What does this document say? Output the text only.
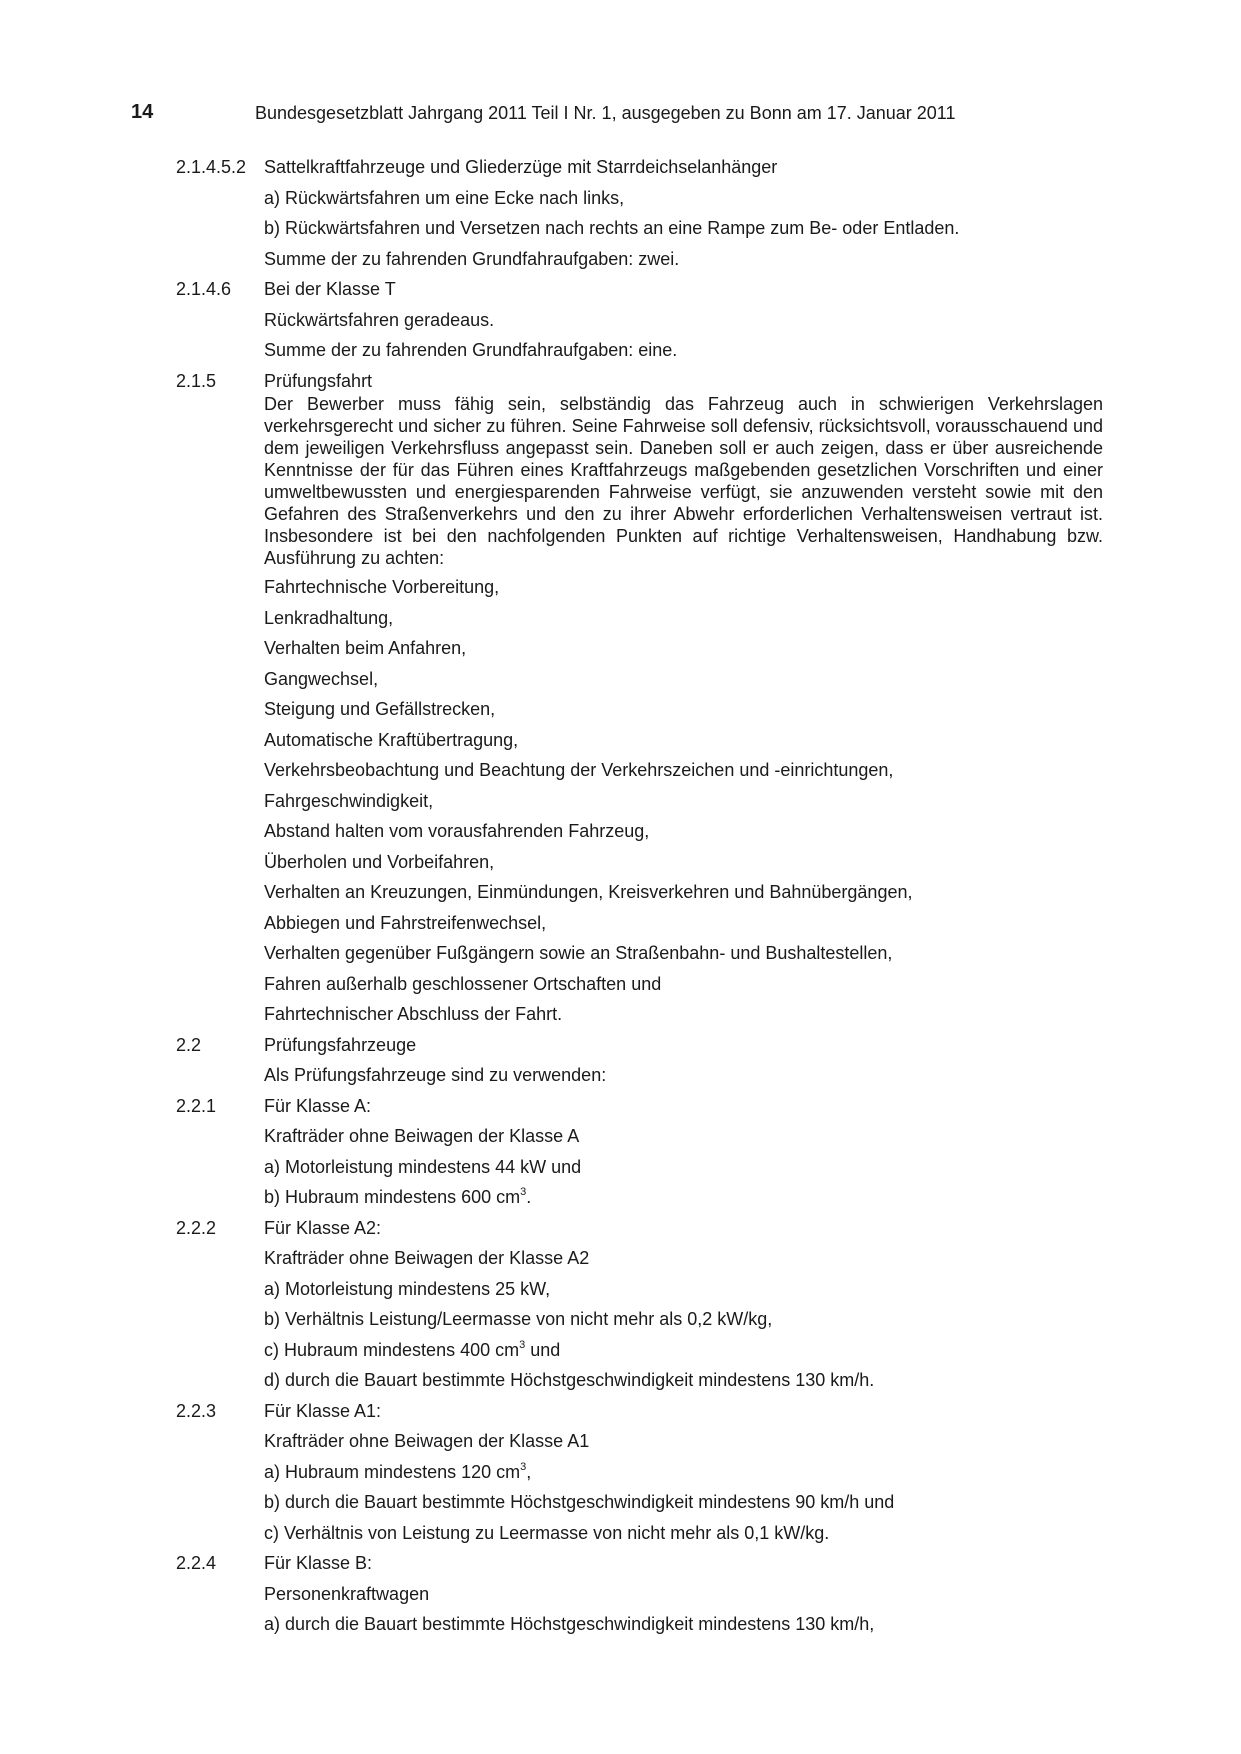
14	Bundesgesetzblatt Jahrgang 2011 Teil I Nr. 1, ausgegeben zu Bonn am 17. Januar 2011
2.1.4.5.2 Sattelkraftfahrzeuge und Gliederzüge mit Starrdeichselanhänger
a) Rückwärtsfahren um eine Ecke nach links,
b) Rückwärtsfahren und Versetzen nach rechts an eine Rampe zum Be- oder Entladen.
Summe der zu fahrenden Grundfahraufgaben: zwei.
2.1.4.6 Bei der Klasse T
Rückwärtsfahren geradeaus.
Summe der zu fahrenden Grundfahraufgaben: eine.
2.1.5	Prüfungsfahrt
Der Bewerber muss fähig sein, selbständig das Fahrzeug auch in schwierigen Verkehrslagen verkehrsgerecht und sicher zu führen. Seine Fahrweise soll defensiv, rücksichtsvoll, vorausschauend und dem jeweiligen Verkehrsfluss angepasst sein. Daneben soll er auch zeigen, dass er über ausreichende Kenntnisse der für das Führen eines Kraftfahrzeugs maßgebenden gesetzlichen Vorschriften und einer umweltbewussten und energiesparenden Fahrweise verfügt, sie anzuwenden versteht sowie mit den Gefahren des Straßenverkehrs und den zu ihrer Abwehr erforderlichen Verhaltensweisen vertraut ist. Insbesondere ist bei den nachfolgenden Punkten auf richtige Verhaltensweisen, Handhabung bzw. Ausführung zu achten:
Fahrtechnische Vorbereitung,
Lenkradhaltung,
Verhalten beim Anfahren,
Gangwechsel,
Steigung und Gefällstrecken,
Automatische Kraftübertragung,
Verkehrsbeobachtung und Beachtung der Verkehrszeichen und -einrichtungen,
Fahrgeschwindigkeit,
Abstand halten vom vorausfahrenden Fahrzeug,
Überholen und Vorbeifahren,
Verhalten an Kreuzungen, Einmündungen, Kreisverkehren und Bahnübergängen,
Abbiegen und Fahrstreifenwechsel,
Verhalten gegenüber Fußgängern sowie an Straßenbahn- und Bushaltestellen,
Fahren außerhalb geschlossener Ortschaften und
Fahrtechnischer Abschluss der Fahrt.
2.2	Prüfungsfahrzeuge
Als Prüfungsfahrzeuge sind zu verwenden:
2.2.1	Für Klasse A:
Krafträder ohne Beiwagen der Klasse A
a) Motorleistung mindestens 44 kW und
b) Hubraum mindestens 600 $cm^3$.
2.2.2	Für Klasse A2:
Krafträder ohne Beiwagen der Klasse A2
a) Motorleistung mindestens 25 kW,
b) Verhältnis Leistung/Leermasse von nicht mehr als 0,2 kW/kg,
c) Hubraum mindestens 400 $cm^3$ und
d) durch die Bauart bestimmte Höchstgeschwindigkeit mindestens 130 km/h.
2.2.3	Für Klasse A1:
Krafträder ohne Beiwagen der Klasse A1
a) Hubraum mindestens 120 $cm^3$,
b) durch die Bauart bestimmte Höchstgeschwindigkeit mindestens 90 km/h und
c) Verhältnis von Leistung zu Leermasse von nicht mehr als 0,1 kW/kg.
2.2.4	Für Klasse B:
Personenkraftwagen
a) durch die Bauart bestimmte Höchstgeschwindigkeit mindestens 130 km/h,
